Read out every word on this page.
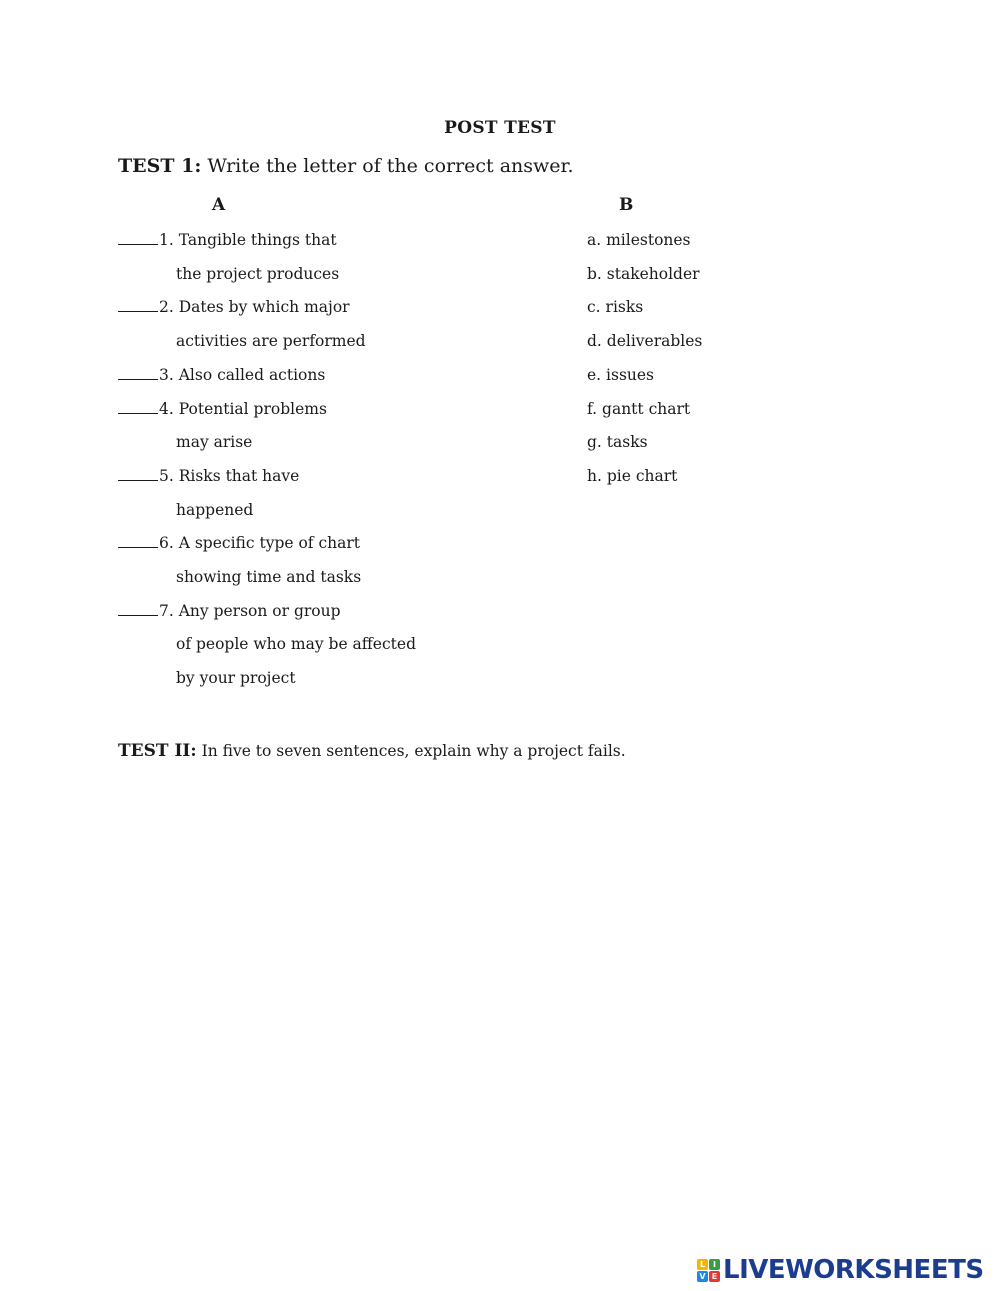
POST TEST
TEST 1: Write the letter of the correct answer.
A	B
1. Tangible things that
the project produces
2. Dates by which major
activities are performed
3. Also called actions
4. Potential problems
may arise
5. Risks that have
happened
6. A specific type of chart
showing time and tasks
7. Any person or group
of people who may be affected
by your project
a. milestones
b. stakeholder
c. risks
d. deliverables
e. issues
f. gantt chart
g. tasks
h. pie chart
TEST II: In five to seven sentences, explain why a project fails.
L I
V E LIVEWORKSHEETS
